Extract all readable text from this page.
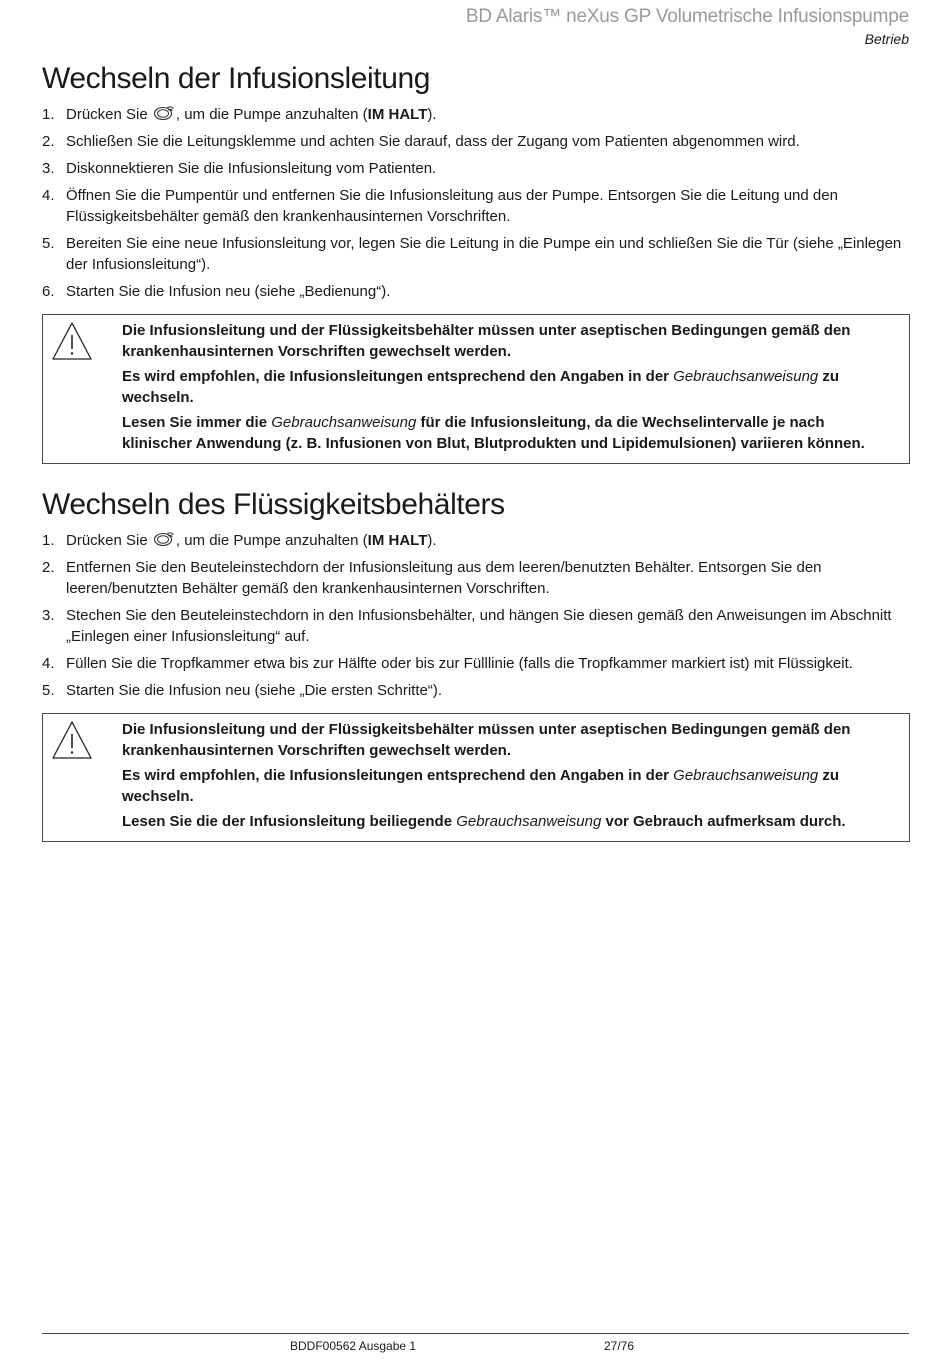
BD Alaris™ neXus GP Volumetrische Infusionspumpe
Betrieb
Wechseln der Infusionsleitung
1. Drücken Sie , um die Pumpe anzuhalten (IM HALT).
2. Schließen Sie die Leitungsklemme und achten Sie darauf, dass der Zugang vom Patienten abgenommen wird.
3. Diskonnektieren Sie die Infusionsleitung vom Patienten.
4. Öffnen Sie die Pumpentür und entfernen Sie die Infusionsleitung aus der Pumpe. Entsorgen Sie die Leitung und den Flüssigkeitsbehälter gemäß den krankenhausinternen Vorschriften.
5. Bereiten Sie eine neue Infusionsleitung vor, legen Sie die Leitung in die Pumpe ein und schließen Sie die Tür (siehe „Einlegen der Infusionsleitung“).
6. Starten Sie die Infusion neu (siehe „Bedienung“).

Die Infusionsleitung und der Flüssigkeitsbehälter müssen unter aseptischen Bedingungen gemäß den krankenhausinternen Vorschriften gewechselt werden.

Es wird empfohlen, die Infusionsleitungen entsprechend den Angaben in der Gebrauchsanweisung zu wechseln.

Lesen Sie immer die Gebrauchsanweisung für die Infusionsleitung, da die Wechselintervalle je nach klinischer Anwendung (z. B. Infusionen von Blut, Blutprodukten und Lipidemulsionen) variieren können.

Wechseln des Flüssigkeitsbehälters
1. Drücken Sie , um die Pumpe anzuhalten (IM HALT).
2. Entfernen Sie den Beuteleinstechdorn der Infusionsleitung aus dem leeren/benutzten Behälter. Entsorgen Sie den leeren/benutzten Behälter gemäß den krankenhausinternen Vorschriften.
3. Stechen Sie den Beuteleinstechdorn in den Infusionsbehälter, und hängen Sie diesen gemäß den Anweisungen im Abschnitt „Einlegen einer Infusionsleitung“ auf.
4. Füllen Sie die Tropfkammer etwa bis zur Hälfte oder bis zur Fülllinie (falls die Tropfkammer markiert ist) mit Flüssigkeit.
5. Starten Sie die Infusion neu (siehe „Die ersten Schritte“).

Die Infusionsleitung und der Flüssigkeitsbehälter müssen unter aseptischen Bedingungen gemäß den krankenhausinternen Vorschriften gewechselt werden.

Es wird empfohlen, die Infusionsleitungen entsprechend den Angaben in der Gebrauchsanweisung zu wechseln.

Lesen Sie die der Infusionsleitung beiliegende Gebrauchsanweisung vor Gebrauch aufmerksam durch.

BDDF00562 Ausgabe 1	27/76
